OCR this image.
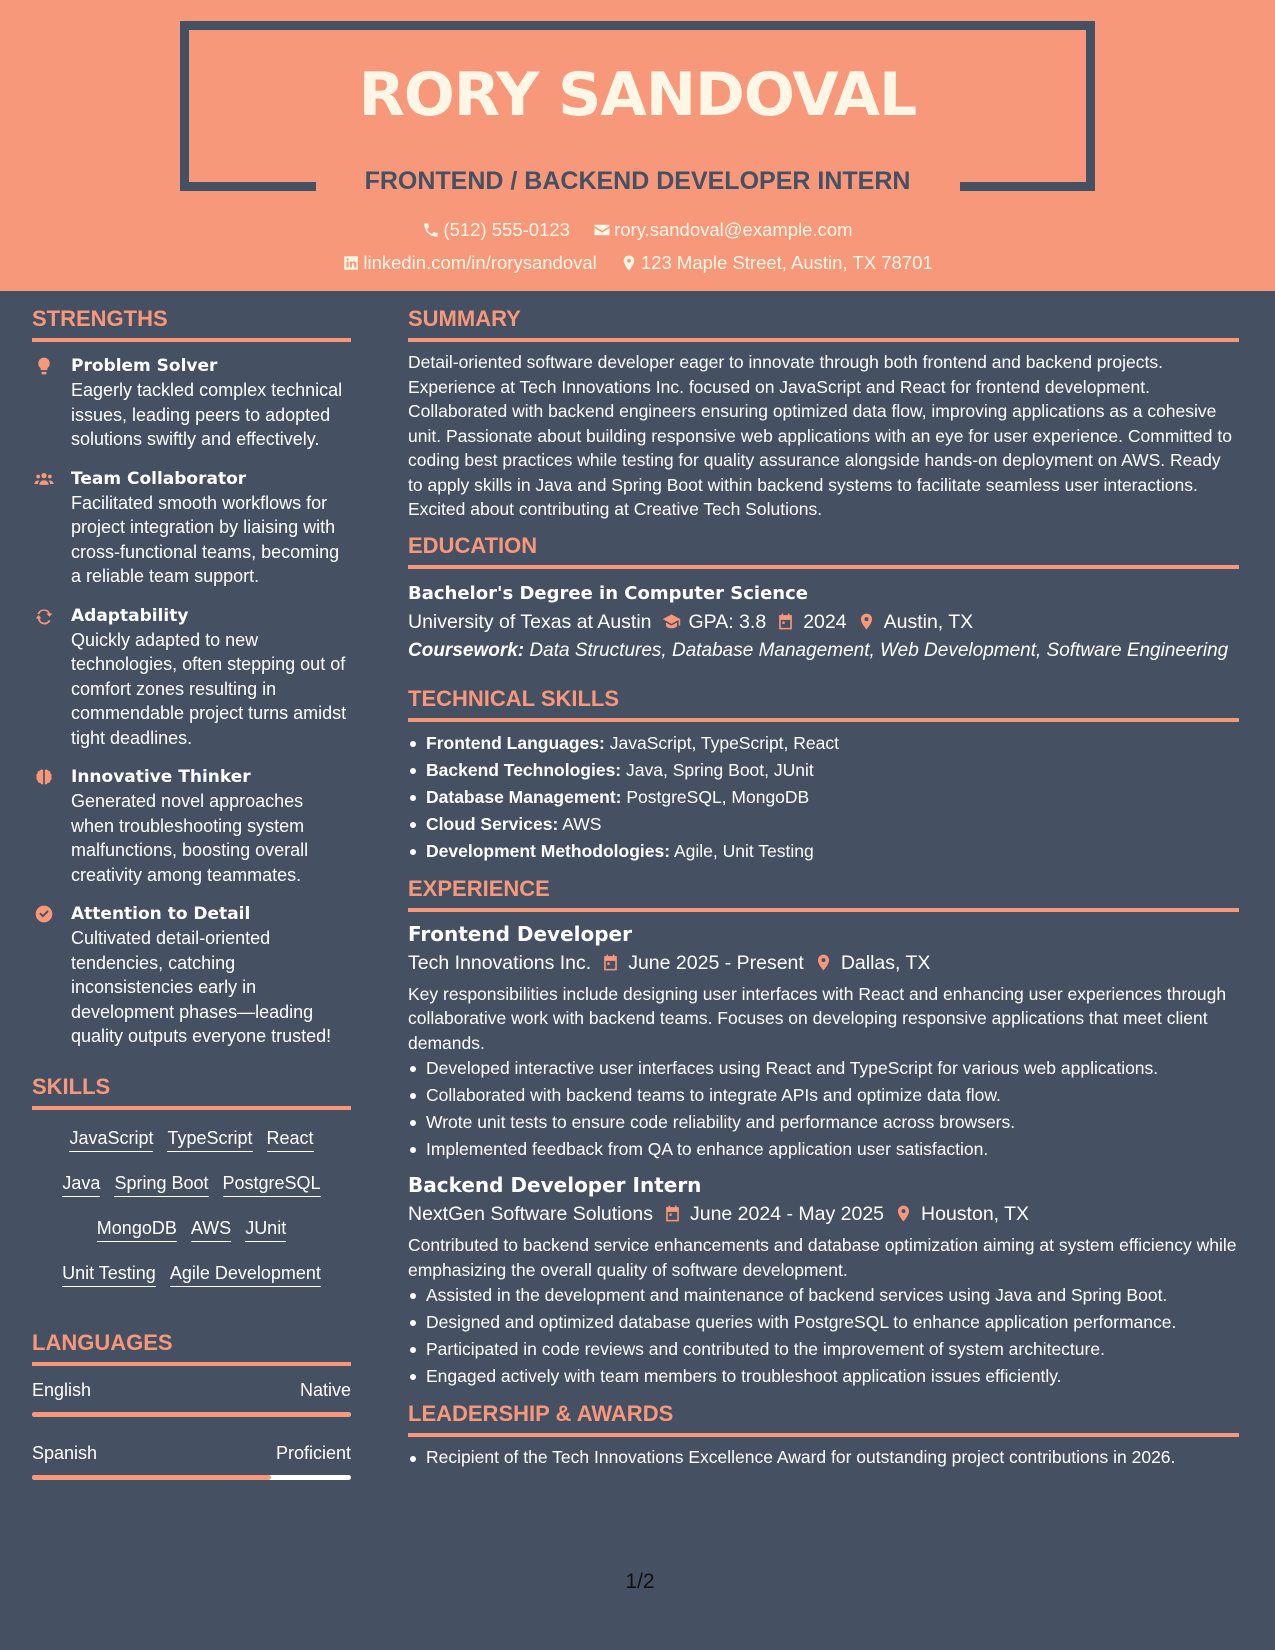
RORY SANDOVAL
FRONTEND / BACKEND DEVELOPER INTERN
(512) 555-0123 rory.sandoval@example.com
linkedin.com/in/rorysandoval 123 Maple Street, Austin, TX 78701
STRENGTHS
Problem Solver
Eagerly tackled complex technical issues, leading peers to adopted solutions swiftly and effectively.
Team Collaborator
Facilitated smooth workflows for project integration by liaising with cross-functional teams, becoming a reliable team support.
Adaptability
Quickly adapted to new technologies, often stepping out of comfort zones resulting in commendable project turns amidst tight deadlines.
Innovative Thinker
Generated novel approaches when troubleshooting system malfunctions, boosting overall creativity among teammates.
Attention to Detail
Cultivated detail-oriented tendencies, catching inconsistencies early in development phases—leading quality outputs everyone trusted!
SKILLS
JavaScript TypeScript React
Java Spring Boot PostgreSQL
MongoDB AWS JUnit
Unit Testing Agile Development
LANGUAGES
English	Native
Spanish	Proficient
SUMMARY
Detail-oriented software developer eager to innovate through both frontend and backend projects. Experience at Tech Innovations Inc. focused on JavaScript and React for frontend development. Collaborated with backend engineers ensuring optimized data flow, improving applications as a cohesive unit. Passionate about building responsive web applications with an eye for user experience. Committed to coding best practices while testing for quality assurance alongside hands-on deployment on AWS. Ready to apply skills in Java and Spring Boot within backend systems to facilitate seamless user interactions. Excited about contributing at Creative Tech Solutions.
EDUCATION
Bachelor's Degree in Computer Science
University of Texas at Austin GPA: 3.8 2024 Austin, TX
Coursework: Data Structures, Database Management, Web Development, Software Engineering
TECHNICAL SKILLS
Frontend Languages: JavaScript, TypeScript, React
Backend Technologies: Java, Spring Boot, JUnit
Database Management: PostgreSQL, MongoDB
Cloud Services: AWS
Development Methodologies: Agile, Unit Testing
EXPERIENCE
Frontend Developer
Tech Innovations Inc. June 2025 - Present Dallas, TX
Key responsibilities include designing user interfaces with React and enhancing user experiences through collaborative work with backend teams. Focuses on developing responsive applications that meet client demands.
Developed interactive user interfaces using React and TypeScript for various web applications.
Collaborated with backend teams to integrate APIs and optimize data flow.
Wrote unit tests to ensure code reliability and performance across browsers.
Implemented feedback from QA to enhance application user satisfaction.
Backend Developer Intern
NextGen Software Solutions June 2024 - May 2025 Houston, TX
Contributed to backend service enhancements and database optimization aiming at system efficiency while emphasizing the overall quality of software development.
Assisted in the development and maintenance of backend services using Java and Spring Boot.
Designed and optimized database queries with PostgreSQL to enhance application performance.
Participated in code reviews and contributed to the improvement of system architecture.
Engaged actively with team members to troubleshoot application issues efficiently.
LEADERSHIP & AWARDS
Recipient of the Tech Innovations Excellence Award for outstanding project contributions in 2026.
1/2
